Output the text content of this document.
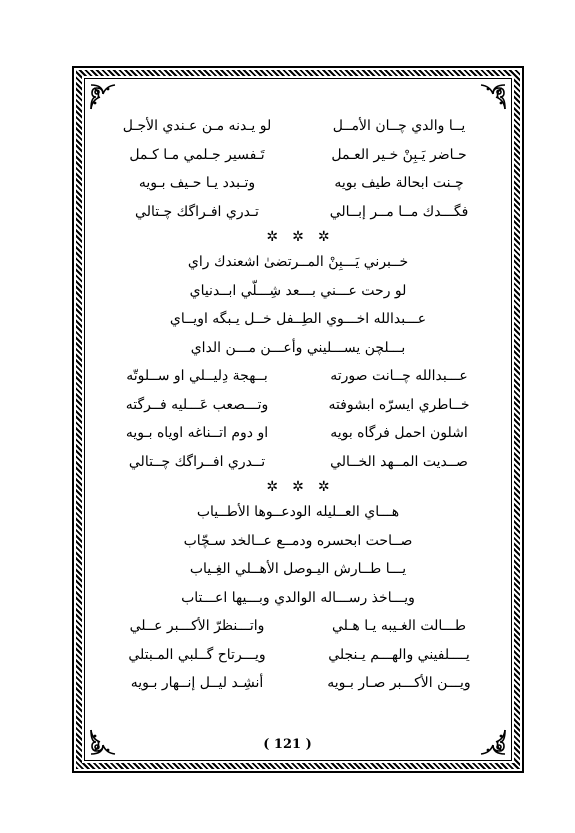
يــا والدي چــان الأمــل
لو يـدنه مـن عـندي الأجـل
حـاضر يَـبِنْ خـير العـمل
تَـفسير جـلمي مـا كـمل
چـنت ابحالة طيف بويه
وتـبدد يـا حـيف بـويه
فگـــدك مــا مــر إبــالي
تـدري افـراگك چـتالي
✲ ✲ ✲
خــبرني يَـــبِنْ المــرتضىٰ اشعندك راي
لو رحت عـــني بـــعد شِـــلّي ابــدنياي
عـــبدالله اخـــوي الطِــفل خــل يـبگه اويــاي
بـــلچن يســـليني وأعـــن مـــن الداي
عـــبدالله چــانت صورته
بــهجة دِليــلي او ســلوتّه
خــاطري ايسرّه ابشوفته
وتـــصعب عَـــليه فــرگته
اشلون احمل فرگاه بويه
او دوم اتــناغه اوياه بـويه
صــديت المــهد الخــالي
تــدري افــراگك چــتالي
✲ ✲ ✲
هـــاي العــليله الودعــوها الأطــياب
صــاحت ابحسره ودمــع عــالخد سـچّاب
يـــا طــارش اليـوصل الأهــلي الغِـياب
ويـــاخذ رســـاله الوالدي وبـــيها اعـــتاب
طـــالت الغـيبه يـا هـلي
واتـــنظرّ الأكـــبر عــلي
يــــلفيني والهـــم يـنجلي
ويـــرتاح گــلبي المـبتلي
ويـــن الأكـــبر صـار بـويه
أنشِـد ليــل إنــهار بـويه
( 121 )
